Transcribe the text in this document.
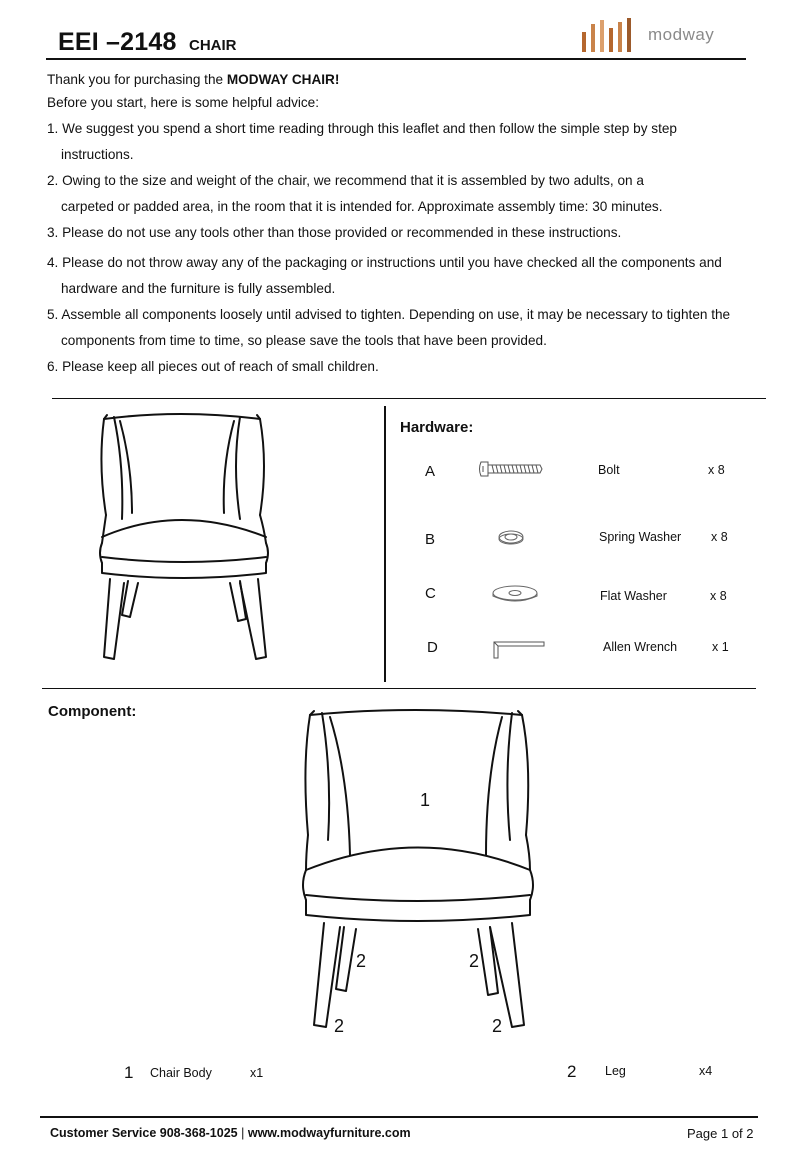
EEI –2148 CHAIR
modway
Thank you for purchasing the MODWAY CHAIR!
Before you start, here is some helpful advice:
1. We suggest you spend a short time reading through this leaflet and then follow the simple step by step
instructions.
2. Owing to the size and weight of the chair, we recommend that it is assembled by two adults, on a
carpeted or padded area, in the room that it is intended for. Approximate assembly time: 30 minutes.
3. Please do not use any tools other than those provided or recommended in these instructions.
4. Please do not throw away any of the packaging or instructions until you have checked all the components and
hardware and the furniture is fully assembled.
5. Assemble all components loosely until advised to tighten. Depending on use, it may be necessary to tighten the
components from time to time, so please save the tools that have been provided.
6. Please keep all pieces out of reach of small children.
Hardware:
A	Bolt	x 8
B	Spring Washer x 8
C	Flat Washer	x 8
D	Allen Wrench	x 1
Component:
1
2	2
2	2
1 Chair Body	x1	2 Leg	x4
Customer Service 908-368-1025 | www.modwayfurniture.com	Page 1 of 2
